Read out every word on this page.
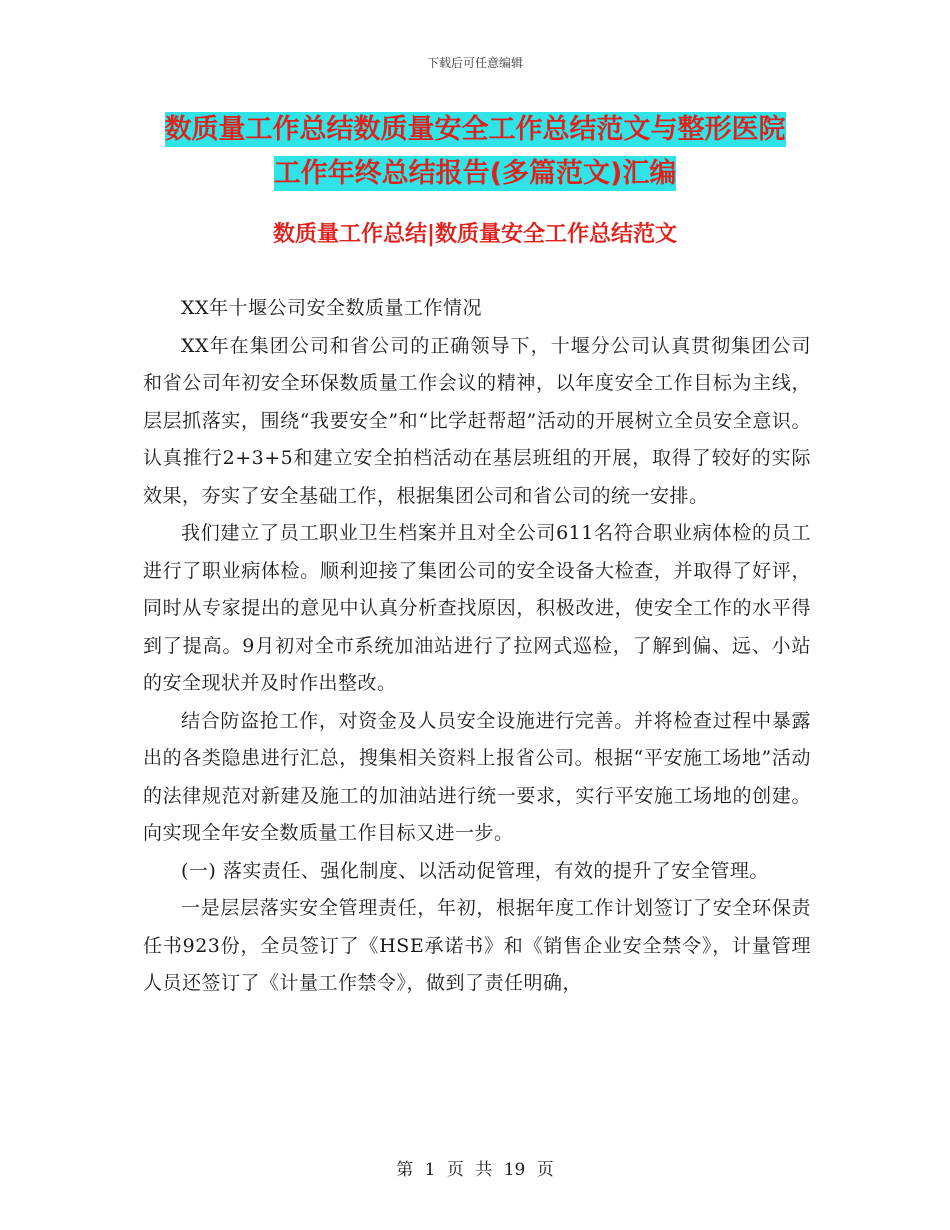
下载后可任意编辑
数质量工作总结数质量安全工作总结范文与整形医院
工作年终总结报告(多篇范文)汇编
数质量工作总结|数质量安全工作总结范文

XX年十堰公司安全数质量工作情况

XX年在集团公司和省公司的正确领导下，十堰分公司认真贯彻集团公司和省公司年初安全环保数质量工作会议的精神，以年度安全工作目标为主线，层层抓落实，围绕“我要安全”和“比学赶帮超”活动的开展树立全员安全意识。认真推行2+3+5和建立安全拍档活动在基层班组的开展，取得了较好的实际效果，夯实了安全基础工作，根据集团公司和省公司的统一安排。

我们建立了员工职业卫生档案并且对全公司611名符合职业病体检的员工进行了职业病体检。顺利迎接了集团公司的安全设备大检查，并取得了好评，同时从专家提出的意见中认真分析查找原因，积极改进，使安全工作的水平得到了提高。9月初对全市系统加油站进行了拉网式巡检，了解到偏、远、小站的安全现状并及时作出整改。

结合防盗抢工作，对资金及人员安全设施进行完善。并将检查过程中暴露出的各类隐患进行汇总，搜集相关资料上报省公司。根据“平安施工场地”活动的法律规范对新建及施工的加油站进行统一要求，实行平安施工场地的创建。向实现全年安全数质量工作目标又进一步。

(一) 落实责任、强化制度、以活动促管理，有效的提升了安全管理。

一是层层落实安全管理责任，年初，根据年度工作计划签订了安全环保责任书923份，全员签订了《HSE承诺书》和《销售企业安全禁令》，计量管理人员还签订了《计量工作禁令》，做到了责任明确，

第 1 页 共 19 页
